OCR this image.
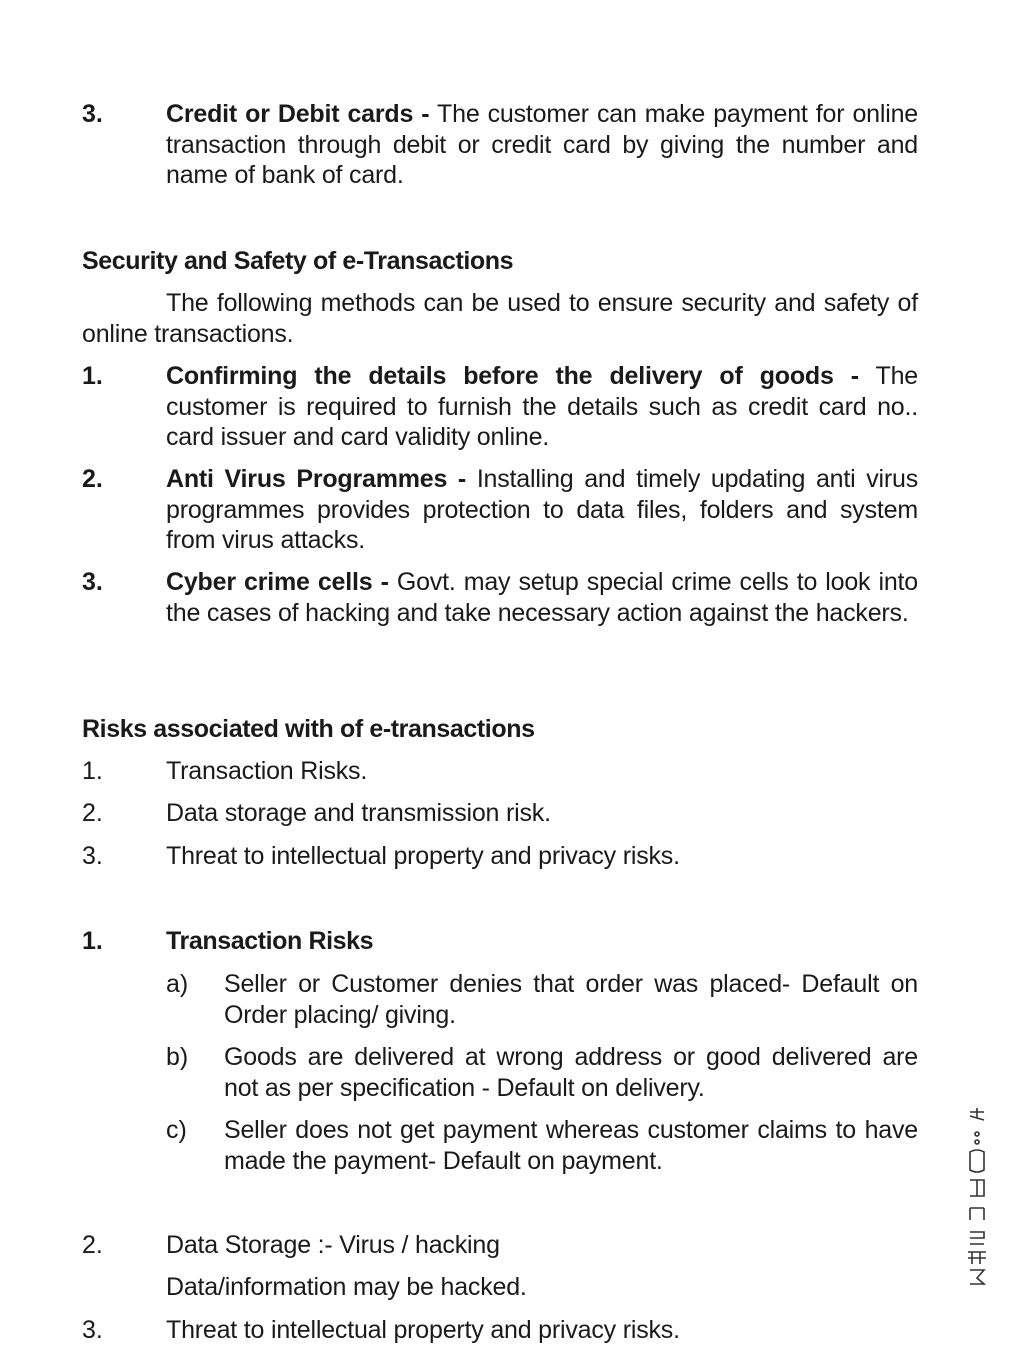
3.	Credit or Debit cards - The customer can make payment for online transaction through debit or credit card by giving the number and name of bank of card.
Security and Safety of e-Transactions
The following methods can be used to ensure security and safety of online transactions.
1.	Confirming the details before the delivery of goods - The customer is required to furnish the details such as credit card no.. card issuer and card validity online.
2.	Anti Virus Programmes - Installing and timely updating anti virus programmes provides protection to data files, folders and system from virus attacks.
3.	Cyber crime cells - Govt. may setup special crime cells to look into the cases of hacking and take necessary action against the hackers.
Risks associated with of e-transactions
1.	Transaction Risks.
2.	Data storage and transmission risk.
3.	Threat to intellectual property and privacy risks.
1.	Transaction Risks
a) Seller or Customer denies that order was placed- Default on Order placing/ giving.
b) Goods are delivered at wrong address or good delivered are not as per specification - Default on delivery.
c) Seller does not get payment whereas customer claims to have made the payment- Default on payment.
2.	Data Storage :- Virus / hacking
Data/information may be hacked.
3.	Threat to intellectual property and privacy risks.
